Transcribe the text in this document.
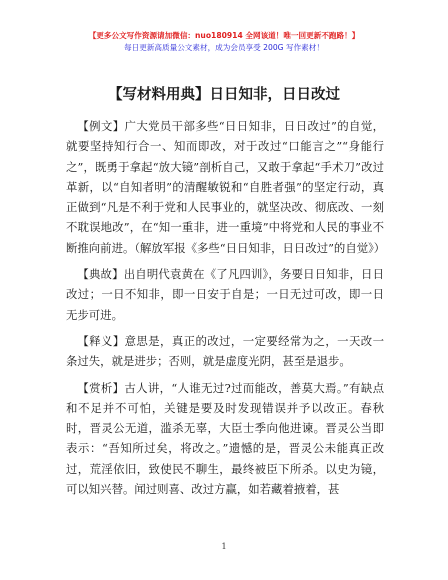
【更多公文写作资源请加微信：nuo180914 全网该道！唯一回更新不跑路！】
每日更新高质量公文素材，成为会员享受 200G 写作素材！
【写材料用典】日日知非，日日改过

【例文】广大党员干部多些“日日知非，日日改过”的自觉，就要坚持知行合一、知而即改，对于改过“口能言之”“身能行之”，既勇于拿起“放大镜”剖析自己，又敢于拿起“手术刀”改过革新，以“自知者明”的清醒敏锐和“自胜者强”的坚定行动，真正做到“凡是不利于党和人民事业的，就坚决改、彻底改、一刻不耽误地改”，在“知一重非，进一重境”中将党和人民的事业不断推向前进。（解放军报《多些“日日知非，日日改过”的自觉》）

【典故】出自明代袁黄在《了凡四训》，务要日日知非，日日改过；一日不知非，即一日安于自是；一日无过可改，即一日无步可进。

【释义】意思是，真正的改过，一定要经常为之，一天改一条过失，就是进步；否则，就是虚度光阴，甚至是退步。

【赏析】古人讲，“人谁无过?过而能改，善莫大焉。”有缺点和不足并不可怕，关键是要及时发现错误并予以改正。春秋时，晋灵公无道，滥杀无辜，大臣士季向他进谏。晋灵公当即表示：“吾知所过矣，将改之。”遗憾的是，晋灵公未能真正改过，荒淫依旧，致使民不聊生，最终被臣下所杀。以史为镜，可以知兴替。闻过则喜、改过方赢，如若藏着掖着，甚

1
